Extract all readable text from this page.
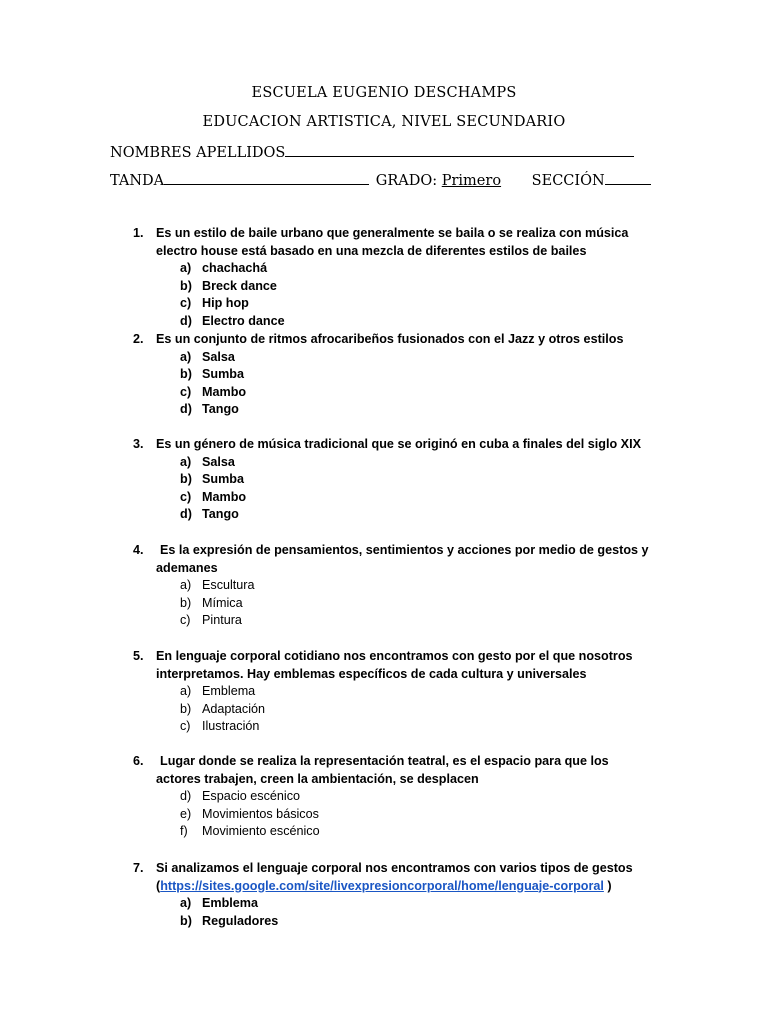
ESCUELA EUGENIO DESCHAMPS
EDUCACION ARTISTICA, NIVEL SECUNDARIO
NOMBRES APELLIDOS
TANDA	GRADO: Primero SECCIÓN
1. Es un estilo de baile urbano que generalmente se baila o se realiza con música electro house está basado en una mezcla de diferentes estilos de bailes
a) chachachá
b) Breck dance
c) Hip hop
d) Electro dance
2. Es un conjunto de ritmos afrocaribeños fusionados con el Jazz y otros estilos
a) Salsa
b) Sumba
c) Mambo
d) Tango
3. Es un género de música tradicional que se originó en cuba a finales del siglo XIX
a) Salsa
b) Sumba
c) Mambo
d) Tango
4.	Es la expresión de pensamientos, sentimientos y acciones por medio de gestos y ademanes
a) Escultura
b) Mímica
c) Pintura
5. En lenguaje corporal cotidiano nos encontramos con gesto por el que nosotros interpretamos. Hay emblemas específicos de cada cultura y universales
a) Emblema
b) Adaptación
c) Ilustración
6.	Lugar donde se realiza la representación teatral, es el espacio para que los actores trabajen, creen la ambientación, se desplacen
d) Espacio escénico
e) Movimientos básicos
f)	Movimiento escénico
7. Si analizamos el lenguaje corporal nos encontramos con varios tipos de gestos
(https://sites.google.com/site/livexpresioncorporal/home/lenguaje-corporal )
a) Emblema
b) Reguladores
